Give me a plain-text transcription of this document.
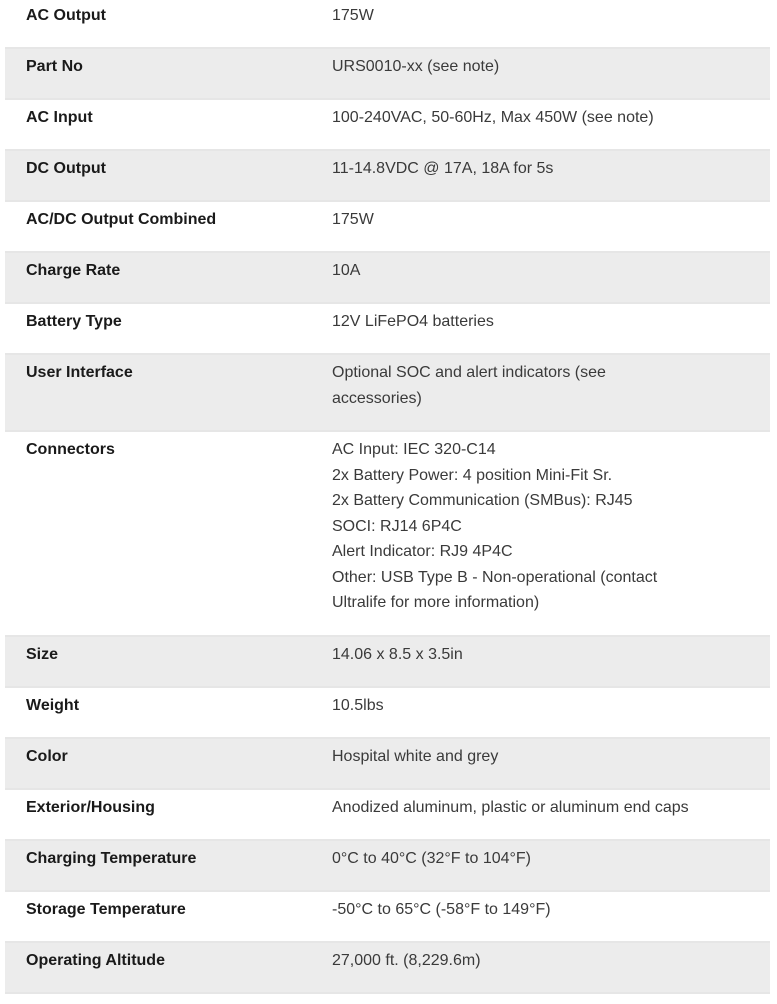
AC Output	175W
Part No	URS0010-xx (see note)
AC Input	100-240VAC, 50-60Hz, Max 450W (see note)
DC Output	11-14.8VDC @ 17A, 18A for 5s
AC/DC Output Combined	175W
Charge Rate	10A
Battery Type	12V LiFePO4 batteries
User Interface	Optional SOC and alert indicators (see
accessories)
Connectors	AC Input: IEC 320-C14
2x Battery Power: 4 position Mini-Fit Sr.
2x Battery Communication (SMBus): RJ45
SOCI: RJ14 6P4C
Alert Indicator: RJ9 4P4C
Other: USB Type B - Non-operational (contact
Ultralife for more information)
Size	14.06 x 8.5 x 3.5in
Weight	10.5lbs
Color	Hospital white and grey
Exterior/Housing	Anodized aluminum, plastic or aluminum end caps
Charging Temperature	0°C to 40°C (32°F to 104°F)
Storage Temperature	-50°C to 65°C (-58°F to 149°F)
Operating Altitude	27,000 ft. (8,229.6m)
